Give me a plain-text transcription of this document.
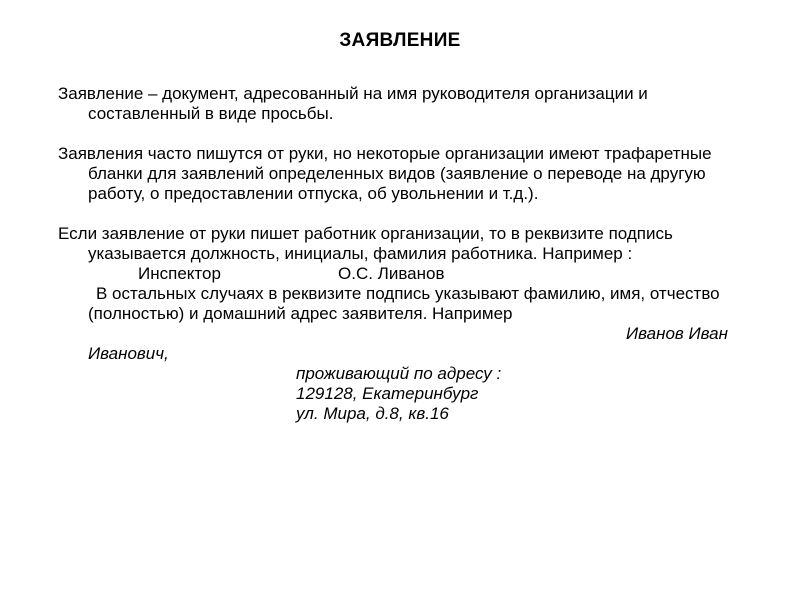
ЗАЯВЛЕНИЕ

Заявление – документ, адресованный на имя руководителя организации и составленный в виде просьбы.

Заявления часто пишутся от руки, но некоторые организации имеют трафаретные бланки для заявлений определенных видов (заявление о переводе на другую работу, о предоставлении отпуска, об увольнении и т.д.).

Если заявление от руки пишет работник организации, то в реквизите подпись указывается должность, инициалы, фамилия работника. Например :

Инспектор	О.С. Ливанов

В остальных случаях в реквизите подпись указывают фамилию, имя, отчество (полностью) и домашний адрес заявителя. Например

Иванов Иван
Иванович,
проживающий по адресу :
129128, Екатеринбург
ул. Мира, д.8, кв.16
